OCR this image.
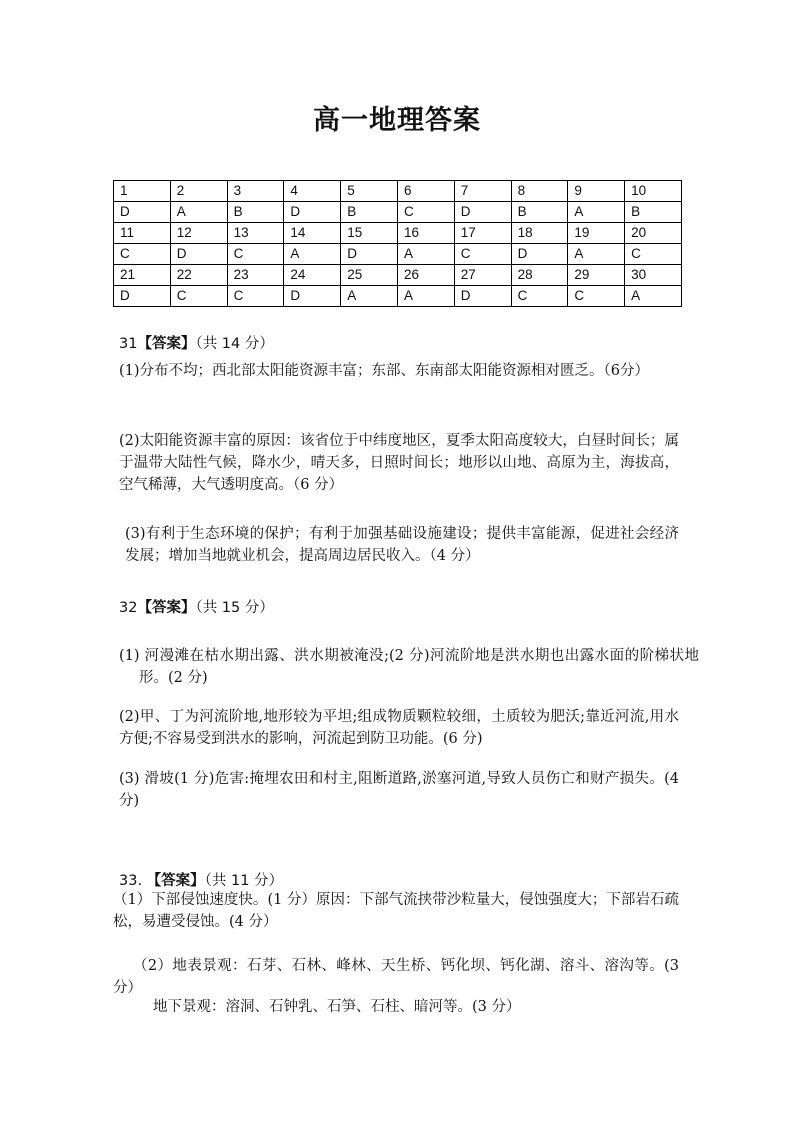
高一地理答案
1	2	3	4	5	6	7	8	9	10
D	A	B	D	B	C	D	B	A	B
11	12	13	14	15	16	17	18	19	20
C	D	C	A	D	A	C	D	A	C
21	22	23	24	25	26	27	28	29	30
D	C	C	D	A	A	D	C	C	A
31【答案】（共 14 分）
(1)分布不均；西北部太阳能资源丰富；东部、东南部太阳能资源相对匮乏。（6分）
(2)太阳能资源丰富的原因：该省位于中纬度地区，夏季太阳高度较大，白昼时间长；属于温带大陆性气候，降水少，晴天多，日照时间长；地形以山地、高原为主，海拔高，空气稀薄，大气透明度高。（6 分）
(3)有利于生态环境的保护；有利于加强基础设施建设；提供丰富能源，促进社会经济发展；增加当地就业机会，提高周边居民收入。（4 分）
32【答案】（共 15 分）
(1) 河漫滩在枯水期出露、洪水期被淹没;(2 分)河流阶地是洪水期也出露水面的阶梯状地形。(2 分)
(2)甲、丁为河流阶地,地形较为平坦;组成物质颗粒较细，土质较为肥沃;靠近河流,用水方便;不容易受到洪水的影响，河流起到防卫功能。(6 分)
(3) 滑坡(1 分)危害:掩埋农田和村主,阻断道路,淤塞河道,导致人员伤亡和财产损失。(4 分)
33. 【答案】（共 11 分）
（1）下部侵蚀速度快。(1 分）原因：下部气流挟带沙粒量大，侵蚀强度大；下部岩石疏松，易遭受侵蚀。(4 分）
（2）地表景观：石芽、石林、峰林、天生桥、钙化坝、钙化湖、溶斗、溶沟等。(3 分）
地下景观：溶洞、石钟乳、石笋、石柱、暗河等。(3 分）
